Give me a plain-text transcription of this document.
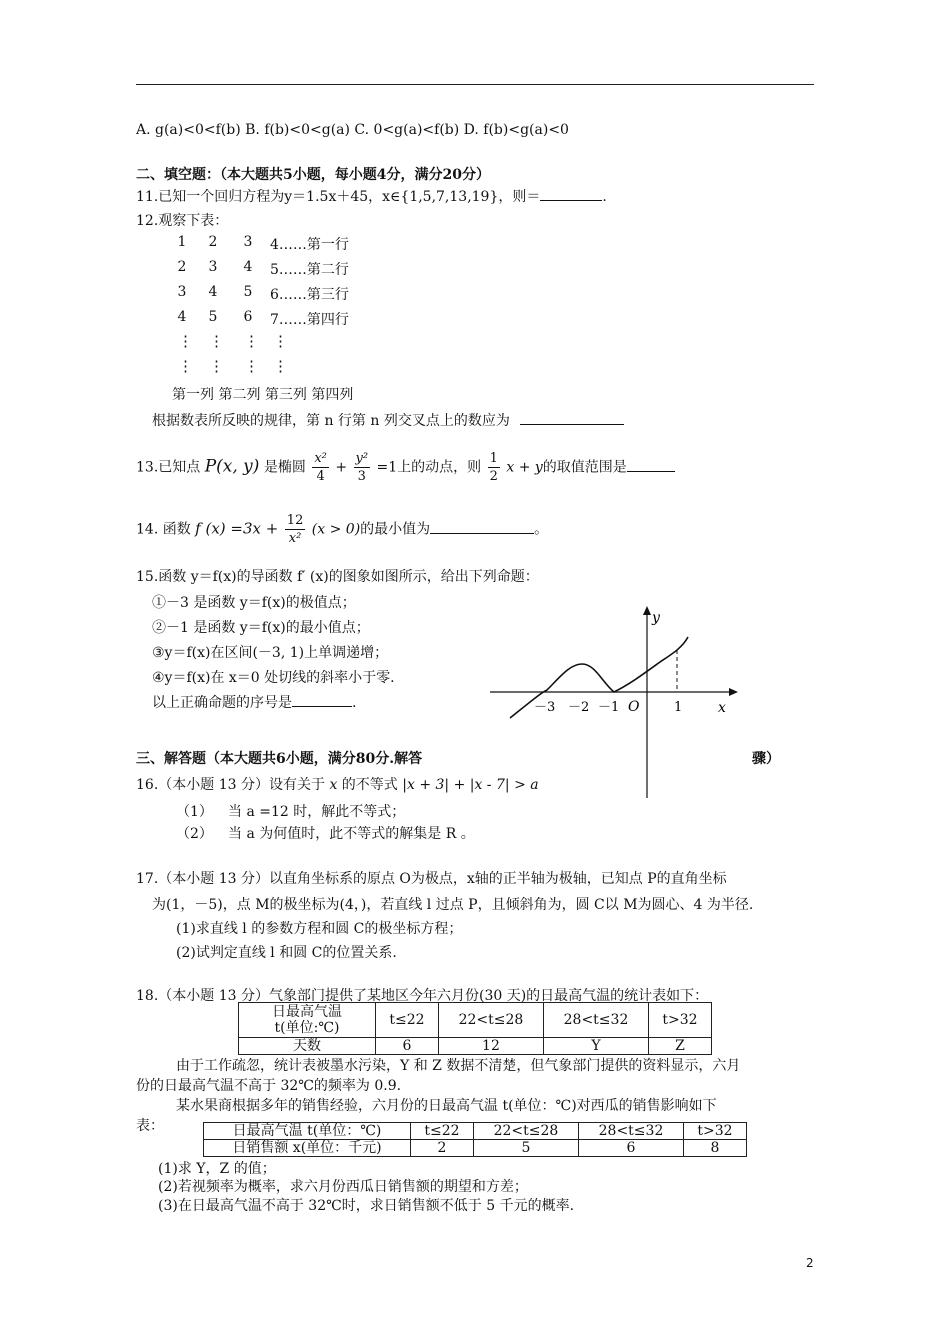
A. g(a)<0<f(b) B. f(b)<0<g(a) C. 0<g(a)<f(b) D. f(b)<g(a)<0
二、填空题：（本大题共5小题，每小题4分，满分20分）
11.已知一个回归方程为y＝1.5x＋45，x∈{1,5,7,13,19}，则＝	.
12.观察下表：
1	2	3	4……第一行
2	3	4	5……第二行
3	4	5	6……第三行
4	5	6	7……第四行
⋮ ⋮ ⋮ ⋮
⋮ ⋮ ⋮ ⋮
第一列 第二列 第三列 第四列
根据数表所反映的规律，第 n 行第 n 列交叉点上的数应为
13.已知点 P(x, y) 是椭圆 $\frac{\text{x²}}{4} + \frac{\text{y²}}{3} =1$上的动点，则 $\frac{1}{2}$ x + y的取值范围是
14. 函数 f $(x) =3x + \frac{12}{\text{x²}} (x > 0)$的最小值为	。
15.函数 y＝f(x)的导函数 f′ (x)的图象如图所示，给出下列命题：
①－3 是函数 y＝f(x)的极值点；
②－1 是函数 y＝f(x)的最小值点；
③y＝f(x)在区间(－3, 1)上单调递增；
④y＝f(x)在 x＝0 处切线的斜率小于零.
以上正确命题的序号是	.
y
x
O
－3 －2 －1	1
三、解答题（本大题共6小题，满分80分.解答	骤）
16.（本小题 13 分）设有关于 x 的不等式 |x + 3| + |x - 7| > a
（1） 当 a =12 时，解此不等式；
（2） 当 a 为何值时，此不等式的解集是 R 。
17.（本小题 13 分）以直角坐标系的原点 O为极点，x轴的正半轴为极轴，已知点 P的直角坐标
为(1，－5)，点 M的极坐标为(4，)，若直线 l 过点 P，且倾斜角为，圆 C以 M为圆心、4 为半径.
(1)求直线 l 的参数方程和圆 C的极坐标方程；
(2)试判定直线 l 和圆 C的位置关系.
18.（本小题 13 分）气象部门提供了某地区今年六月份(30 天)的日最高气温的统计表如下：
日最高气温
t(单位:℃)	t≤22	22<t≤28	28<t≤32	t>32
天数	6	12	Y	Z
由于工作疏忽，统计表被墨水污染，Y 和 Z 数据不清楚，但气象部门提供的资料显示，六月
份的日最高气温不高于 32℃的频率为 0.9.
某水果商根据多年的销售经验，六月份的日最高气温 t(单位：℃)对西瓜的销售影响如下
表：	日最高气温 t(单位：℃)	t≤22	22<t≤28	28<t≤32	t>32
日销售额 x(单位：千元)	2	5	6	8
(1)求 Y，Z 的值；
(2)若视频率为概率，求六月份西瓜日销售额的期望和方差；
(3)在日最高气温不高于 32℃时，求日销售额不低于 5 千元的概率.
2
